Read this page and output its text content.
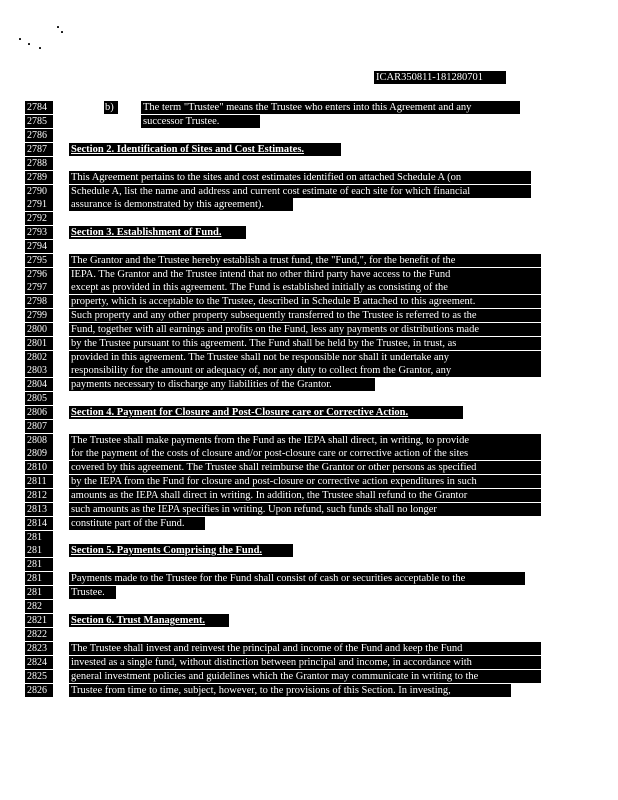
ICAR350811-181280701
b)
2784
2785
2786
2787
2788
2789
2790
2791
2792
2793
2794
2795
2796
2797
2798
2799
2800
2801
2802
2803
2804
2805
2806
2807
2808
2809
2810
2811
2812
2813
2814
281
281
281
281
281
282
2821
2822
2823
2824
2825
2826
The term "Trustee" means the Trustee who enters into this Agreement and any
successor Trustee.
Section 2. Identification of Sites and Cost Estimates.
This Agreement pertains to the sites and cost estimates identified on attached Schedule A (on
Schedule A, list the name and address and current cost estimate of each site for which financial
assurance is demonstrated by this agreement).
Section 3. Establishment of Fund.
The Grantor and the Trustee hereby establish a trust fund, the "Fund,", for the benefit of the
IEPA. The Grantor and the Trustee intend that no other third party have access to the Fund
except as provided in this agreement. The Fund is established initially as consisting of the
property, which is acceptable to the Trustee, described in Schedule B attached to this agreement.
Such property and any other property subsequently transferred to the Trustee is referred to as the
Fund, together with all earnings and profits on the Fund, less any payments or distributions made
by the Trustee pursuant to this agreement. The Fund shall be held by the Trustee, in trust, as
provided in this agreement. The Trustee shall not be responsible nor shall it undertake any
responsibility for the amount or adequacy of, nor any duty to collect from the Grantor, any
payments necessary to discharge any liabilities of the Grantor.
Section 4. Payment for Closure and Post-Closure care or Corrective Action.
The Trustee shall make payments from the Fund as the IEPA shall direct, in writing, to provide
for the payment of the costs of closure and/or post-closure care or corrective action of the sites
covered by this agreement. The Trustee shall reimburse the Grantor or other persons as specified
by the IEPA from the Fund for closure and post-closure or corrective action expenditures in such
amounts as the IEPA shall direct in writing. In addition, the Trustee shall refund to the Grantor
such amounts as the IEPA specifies in writing. Upon refund, such funds shall no longer
constitute part of the Fund.
Section 5. Payments Comprising the Fund.
Payments made to the Trustee for the Fund shall consist of cash or securities acceptable to the
Trustee.
Section 6. Trust Management.
The Trustee shall invest and reinvest the principal and income of the Fund and keep the Fund
invested as a single fund, without distinction between principal and income, in accordance with
general investment policies and guidelines which the Grantor may communicate in writing to the
Trustee from time to time, subject, however, to the provisions of this Section. In investing,
